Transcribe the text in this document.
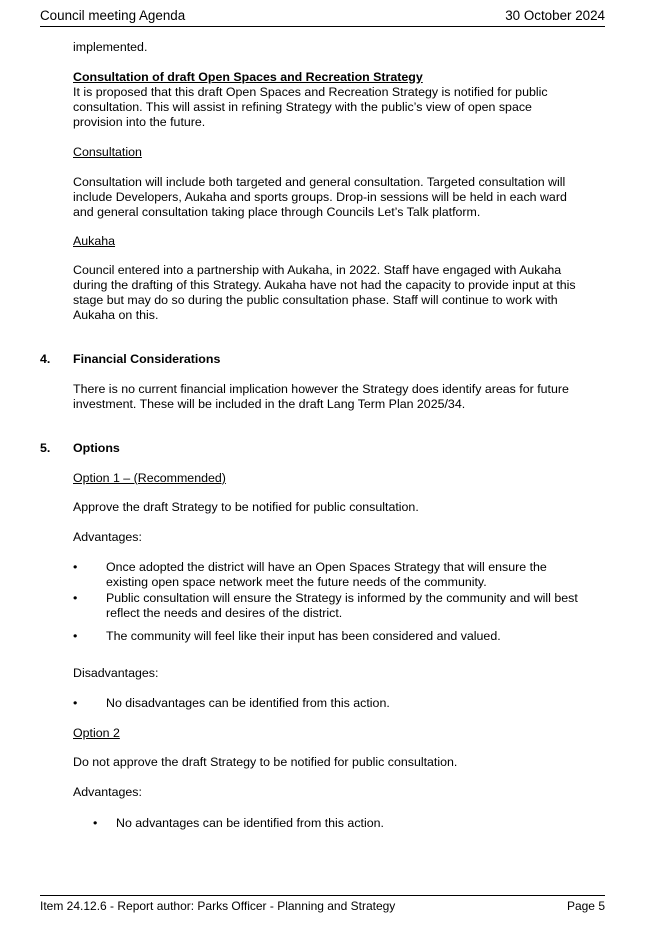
Council meeting Agenda	30 October 2024
implemented.
Consultation of draft Open Spaces and Recreation Strategy
It is proposed that this draft Open Spaces and Recreation Strategy is notified for public
consultation. This will assist in refining Strategy with the public’s view of open space
provision into the future.
Consultation
Consultation will include both targeted and general consultation. Targeted consultation will
include Developers, Aukaha and sports groups. Drop-in sessions will be held in each ward
and general consultation taking place through Councils Let’s Talk platform.
Aukaha
Council entered into a partnership with Aukaha, in 2022. Staff have engaged with Aukaha
during the drafting of this Strategy. Aukaha have not had the capacity to provide input at this
stage but may do so during the public consultation phase. Staff will continue to work with
Aukaha on this.
4. Financial Considerations
There is no current financial implication however the Strategy does identify areas for future
investment. These will be included in the draft Lang Term Plan 2025/34.
5. Options
Option 1 – (Recommended)
Approve the draft Strategy to be notified for public consultation.
Advantages:
• Once adopted the district will have an Open Spaces Strategy that will ensure the
existing open space network meet the future needs of the community.
• Public consultation will ensure the Strategy is informed by the community and will best
reflect the needs and desires of the district.
• The community will feel like their input has been considered and valued.
Disadvantages:
• No disadvantages can be identified from this action.
Option 2
Do not approve the draft Strategy to be notified for public consultation.
Advantages:
• No advantages can be identified from this action.
Item 24.12.6 - Report author: Parks Officer - Planning and Strategy	Page 5
